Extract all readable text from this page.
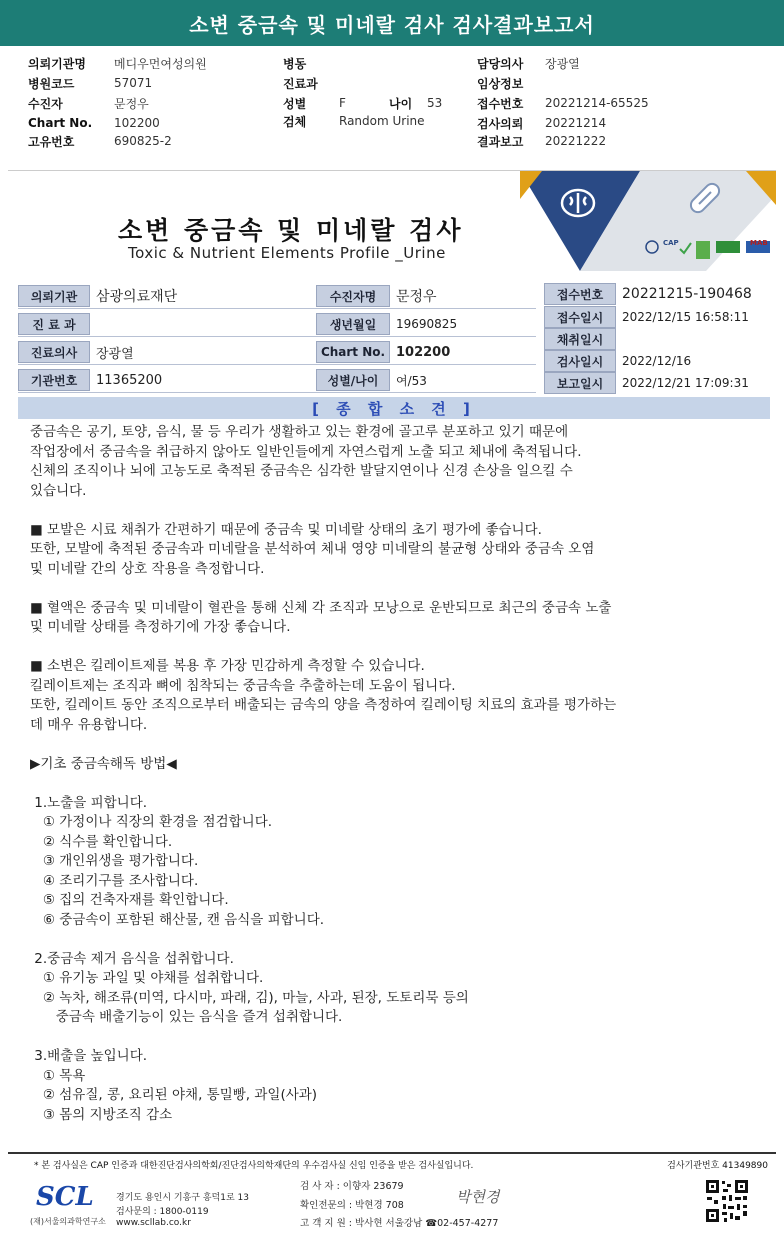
소변 중금속 및 미네랄 검사 검사결과보고서
의뢰기관명	메디우먼여성의원
병원코드	57071
수진자	문정우
Chart No.	102200
고유번호	690825-2
병동
진료과
성별	F	나이	53
검체	Random Urine
담당의사	장광열
임상정보
접수번호	20221214-65525
검사의뢰	20221214
결과보고	20221222
소변 중금속 및 미네랄 검사
Toxic & Nutrient Elements Profile _Urine
CAP	MAB
의뢰기관	삼광의료재단
진 료 과
진료의사	장광열
기관번호	11365200
수진자명	문정우
생년월일	19690825
Chart No. 102200
성별/나이	여/53
접수번호	20221215-190468
접수일시	2022/12/15 16:58:11
채취일시
검사일시	2022/12/16
보고일시	2022/12/21 17:09:31
[ 종 합 소 견 ]
중금속은 공기, 토양, 음식, 물 등 우리가 생활하고 있는 환경에 골고루 분포하고 있기 때문에
작업장에서 중금속을 취급하지 않아도 일반인들에게 자연스럽게 노출 되고 체내에 축적됩니다.
신체의 조직이나 뇌에 고농도로 축적된 중금속은 심각한 발달지연이나 신경 손상을 일으킬 수
있습니다.

■ 모발은 시료 채취가 간편하기 때문에 중금속 및 미네랄 상태의 초기 평가에 좋습니다.
또한, 모발에 축적된 중금속과 미네랄을 분석하여 체내 영양 미네랄의 불균형 상태와 중금속 오염
및 미네랄 간의 상호 작용을 측정합니다.

■ 혈액은 중금속 및 미네랄이 혈관을 통해 신체 각 조직과 모낭으로 운반되므로 최근의 중금속 노출
및 미네랄 상태를 측정하기에 가장 좋습니다.

■ 소변은 킬레이트제를 복용 후 가장 민감하게 측정할 수 있습니다.
킬레이트제는 조직과 뼈에 침착되는 중금속을 추출하는데 도움이 됩니다.
또한, 킬레이트 동안 조직으로부터 배출되는 금속의 양을 측정하여 킬레이팅 치료의 효과를 평가하는
데 매우 유용합니다.

▶기초 중금속해독 방법◀

1.노출을 피합니다.
① 가정이나 직장의 환경을 점검합니다.
② 식수를 확인합니다.
③ 개인위생을 평가합니다.
④ 조리기구를 조사합니다.
⑤ 집의 건축자재를 확인합니다.
⑥ 중금속이 포함된 해산물, 캔 음식을 피합니다.

2.중금속 제거 음식을 섭취합니다.
① 유기농 과일 및 야채를 섭취합니다.
② 녹차, 해조류(미역, 다시마, 파래, 김), 마늘, 사과, 된장, 도토리묵 등의
중금속 배출기능이 있는 음식을 즐겨 섭취합니다.

3.배출을 높입니다.
① 목욕
② 섬유질, 콩, 요리된 야채, 통밀빵, 과일(사과)
③ 몸의 지방조직 감소
* 본 검사실은 CAP 인증과 대한진단검사의학회/진단검사의학재단의 우수검사실 신임 인증을 받은 검사실입니다.	검사기관번호 41349890
SCL
(재)서울의과학연구소
경기도 용인시 기흥구 흥덕1로 13
검사문의 : 1800-0119
www.scllab.co.kr
검 사 자 : 이향자 23679
확인전문의 : 박현경 708
고 객 지 원 : 박사현 서울강남 ☎02-457-4277
박현경
